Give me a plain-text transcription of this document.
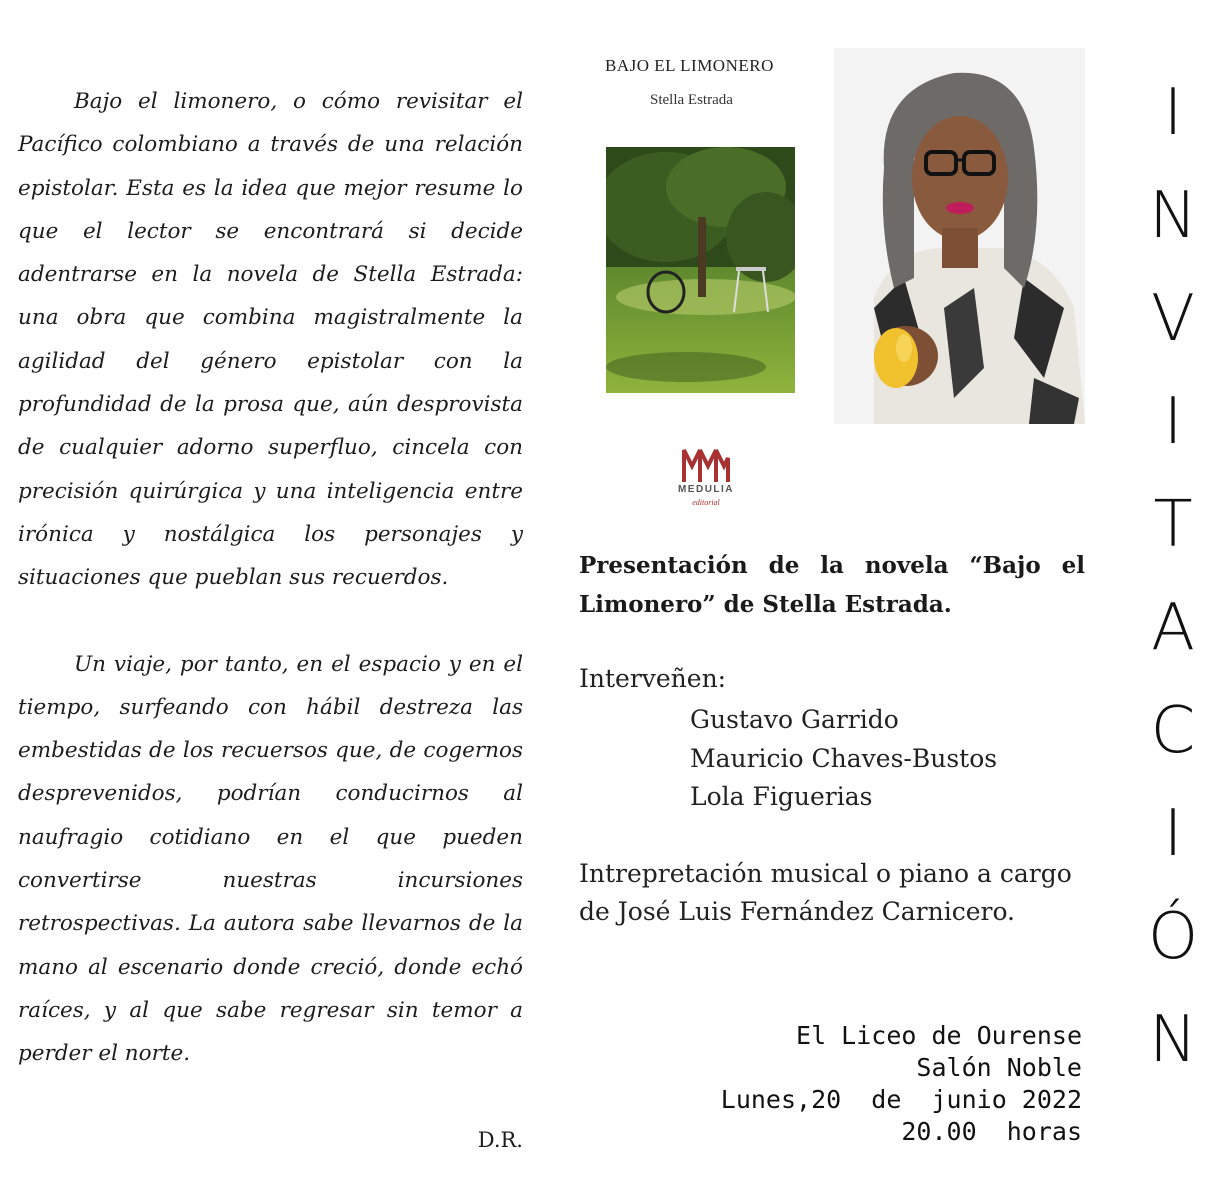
Bajo el limonero, o cómo revisitar el Pacífico colombiano a través de una relación epistolar. Esta es la idea que mejor resume lo que el lector se encontrará si decide adentrarse en la novela de Stella Estrada: una obra que combina magistralmente la agilidad del género epistolar con la profundidad de la prosa que, aún desprovista de cualquier adorno superfluo, cincela con precisión quirúrgica y una inteligencia entre irónica y nostálgica los personajes y situaciones que pueblan sus recuerdos.

Un viaje, por tanto, en el espacio y en el tiempo, surfeando con hábil destreza las embestidas de los recuersos que, de cogernos desprevenidos, podrían conducirnos al naufragio cotidiano en el que pueden convertirse nuestras incursiones retrospectivas. La autora sabe llevarnos de la mano al escenario donde creció, donde echó raíces, y al que sabe regresar sin temor a perder el norte.

D.R.

BAJO EL LIMONERO
Stella Estrada
MEDULIA
editorial
Presentación de la novela “Bajo el Limonero” de Stella Estrada.
Interveñen:
Gustavo Garrido
Mauricio Chaves-Bustos
Lola Figuerias
Intrepretación musical o piano a cargo de José Luis Fernández Carnicero.
El Liceo de Ourense
Salón Noble
Lunes,20  de  junio 2022
20.00  horas
I
N
V
I
T
A
C
I
Ó
N
